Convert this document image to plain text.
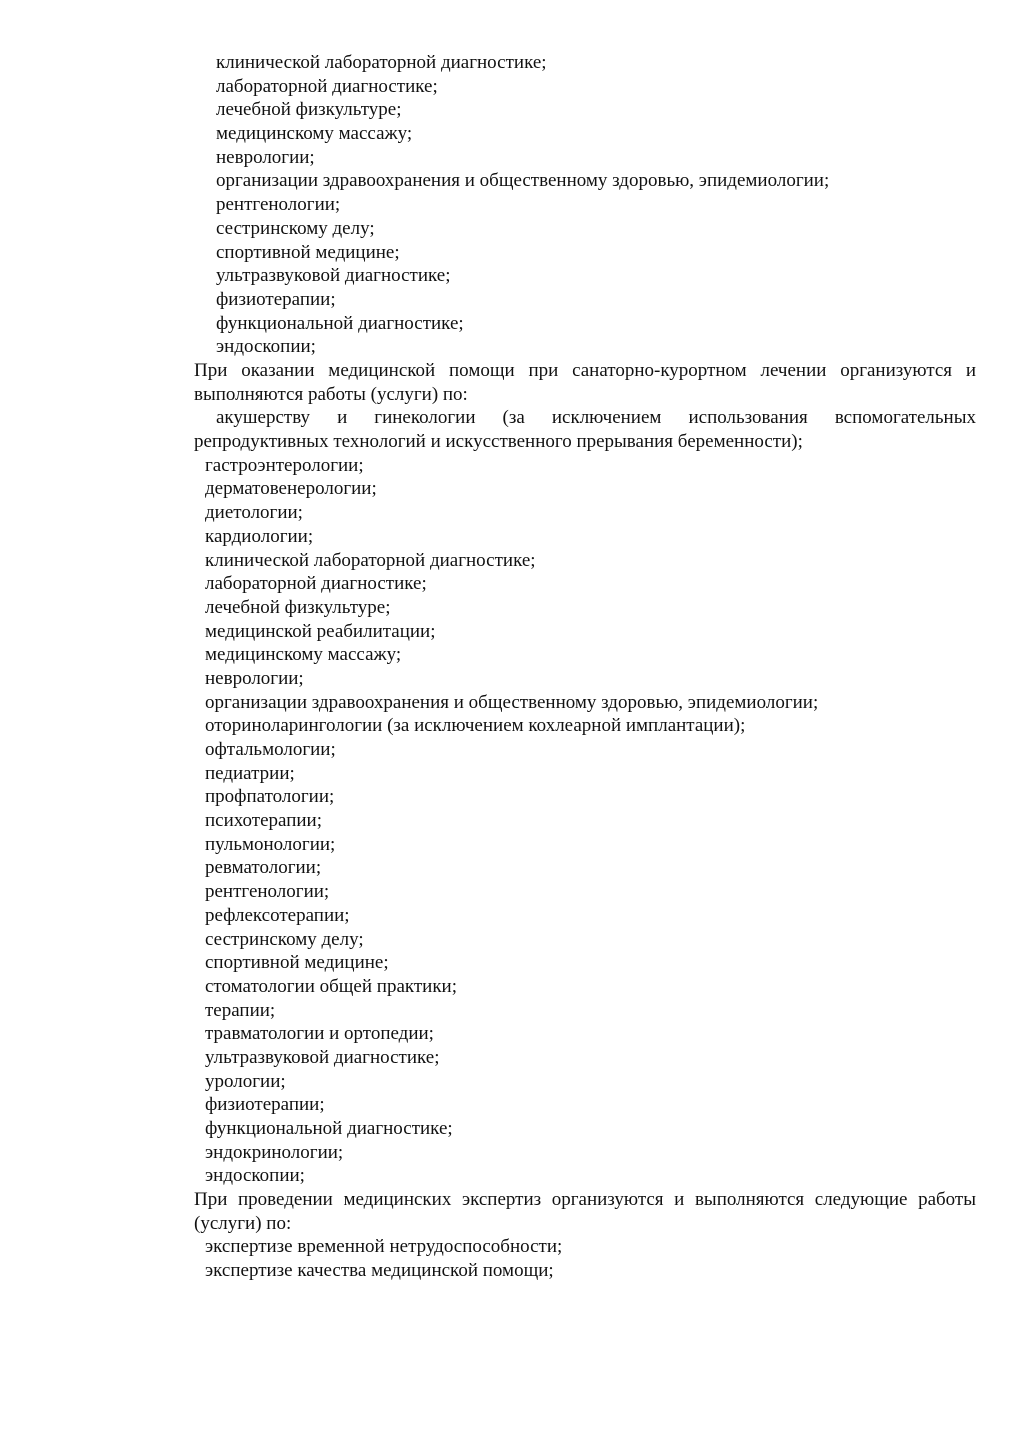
клинической лабораторной диагностике;
лабораторной диагностике;
лечебной физкультуре;
медицинскому массажу;
неврологии;
организации здравоохранения и общественному здоровью, эпидемиологии;
рентгенологии;
сестринскому делу;
спортивной медицине;
ультразвуковой диагностике;
физиотерапии;
функциональной диагностике;
эндоскопии;
При оказании медицинской помощи при санаторно-курортном лечении организуются и выполняются работы (услуги) по:
акушерству и гинекологии (за исключением использования вспомогательных
репродуктивных технологий и искусственного прерывания беременности);
гастроэнтерологии;
дерматовенерологии;
диетологии;
кардиологии;
клинической лабораторной диагностике;
лабораторной диагностике;
лечебной физкультуре;
медицинской реабилитации;
медицинскому массажу;
неврологии;
организации здравоохранения и общественному здоровью, эпидемиологии;
оториноларингологии (за исключением кохлеарной имплантации);
офтальмологии;
педиатрии;
профпатологии;
психотерапии;
пульмонологии;
ревматологии;
рентгенологии;
рефлексотерапии;
сестринскому делу;
спортивной медицине;
стоматологии общей практики;
терапии;
травматологии и ортопедии;
ультразвуковой диагностике;
урологии;
физиотерапии;
функциональной диагностике;
эндокринологии;
эндоскопии;
При проведении медицинских экспертиз организуются и выполняются следующие работы (услуги) по:
экспертизе временной нетрудоспособности;
экспертизе качества медицинской помощи;
